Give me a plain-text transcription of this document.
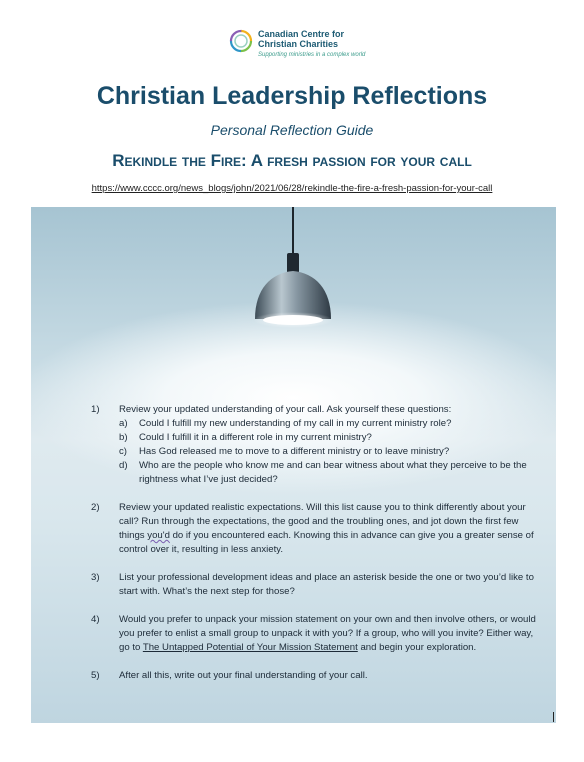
Canadian Centre for
Christian Charities
Supporting ministries in a complex world
Christian Leadership Reflections
Personal Reflection Guide
Rekindle the Fire: A fresh passion for your call
https://www.cccc.org/news_blogs/john/2021/06/28/rekindle-the-fire-a-fresh-passion-for-your-call
1) Review your updated understanding of your call. Ask yourself these questions:
a) Could I fulfill my new understanding of my call in my current ministry role?
b) Could I fulfill it in a different role in my current ministry?
c) Has God released me to move to a different ministry or to leave ministry?
d) Who are the people who know me and can bear witness about what they perceive to be the rightness what I’ve just decided?
2) Review your updated realistic expectations. Will this list cause you to think differently about your call? Run through the expectations, the good and the troubling ones, and jot down the first few things you'd do if you encountered each. Knowing this in advance can give you a greater sense of control over it, resulting in less anxiety.
3) List your professional development ideas and place an asterisk beside the one or two you’d like to start with. What’s the next step for those?
4) Would you prefer to unpack your mission statement on your own and then involve others, or would you prefer to enlist a small group to unpack it with you? If a group, who will you invite? Either way, go to The Untapped Potential of Your Mission Statement and begin your exploration.
5) After all this, write out your final understanding of your call.
